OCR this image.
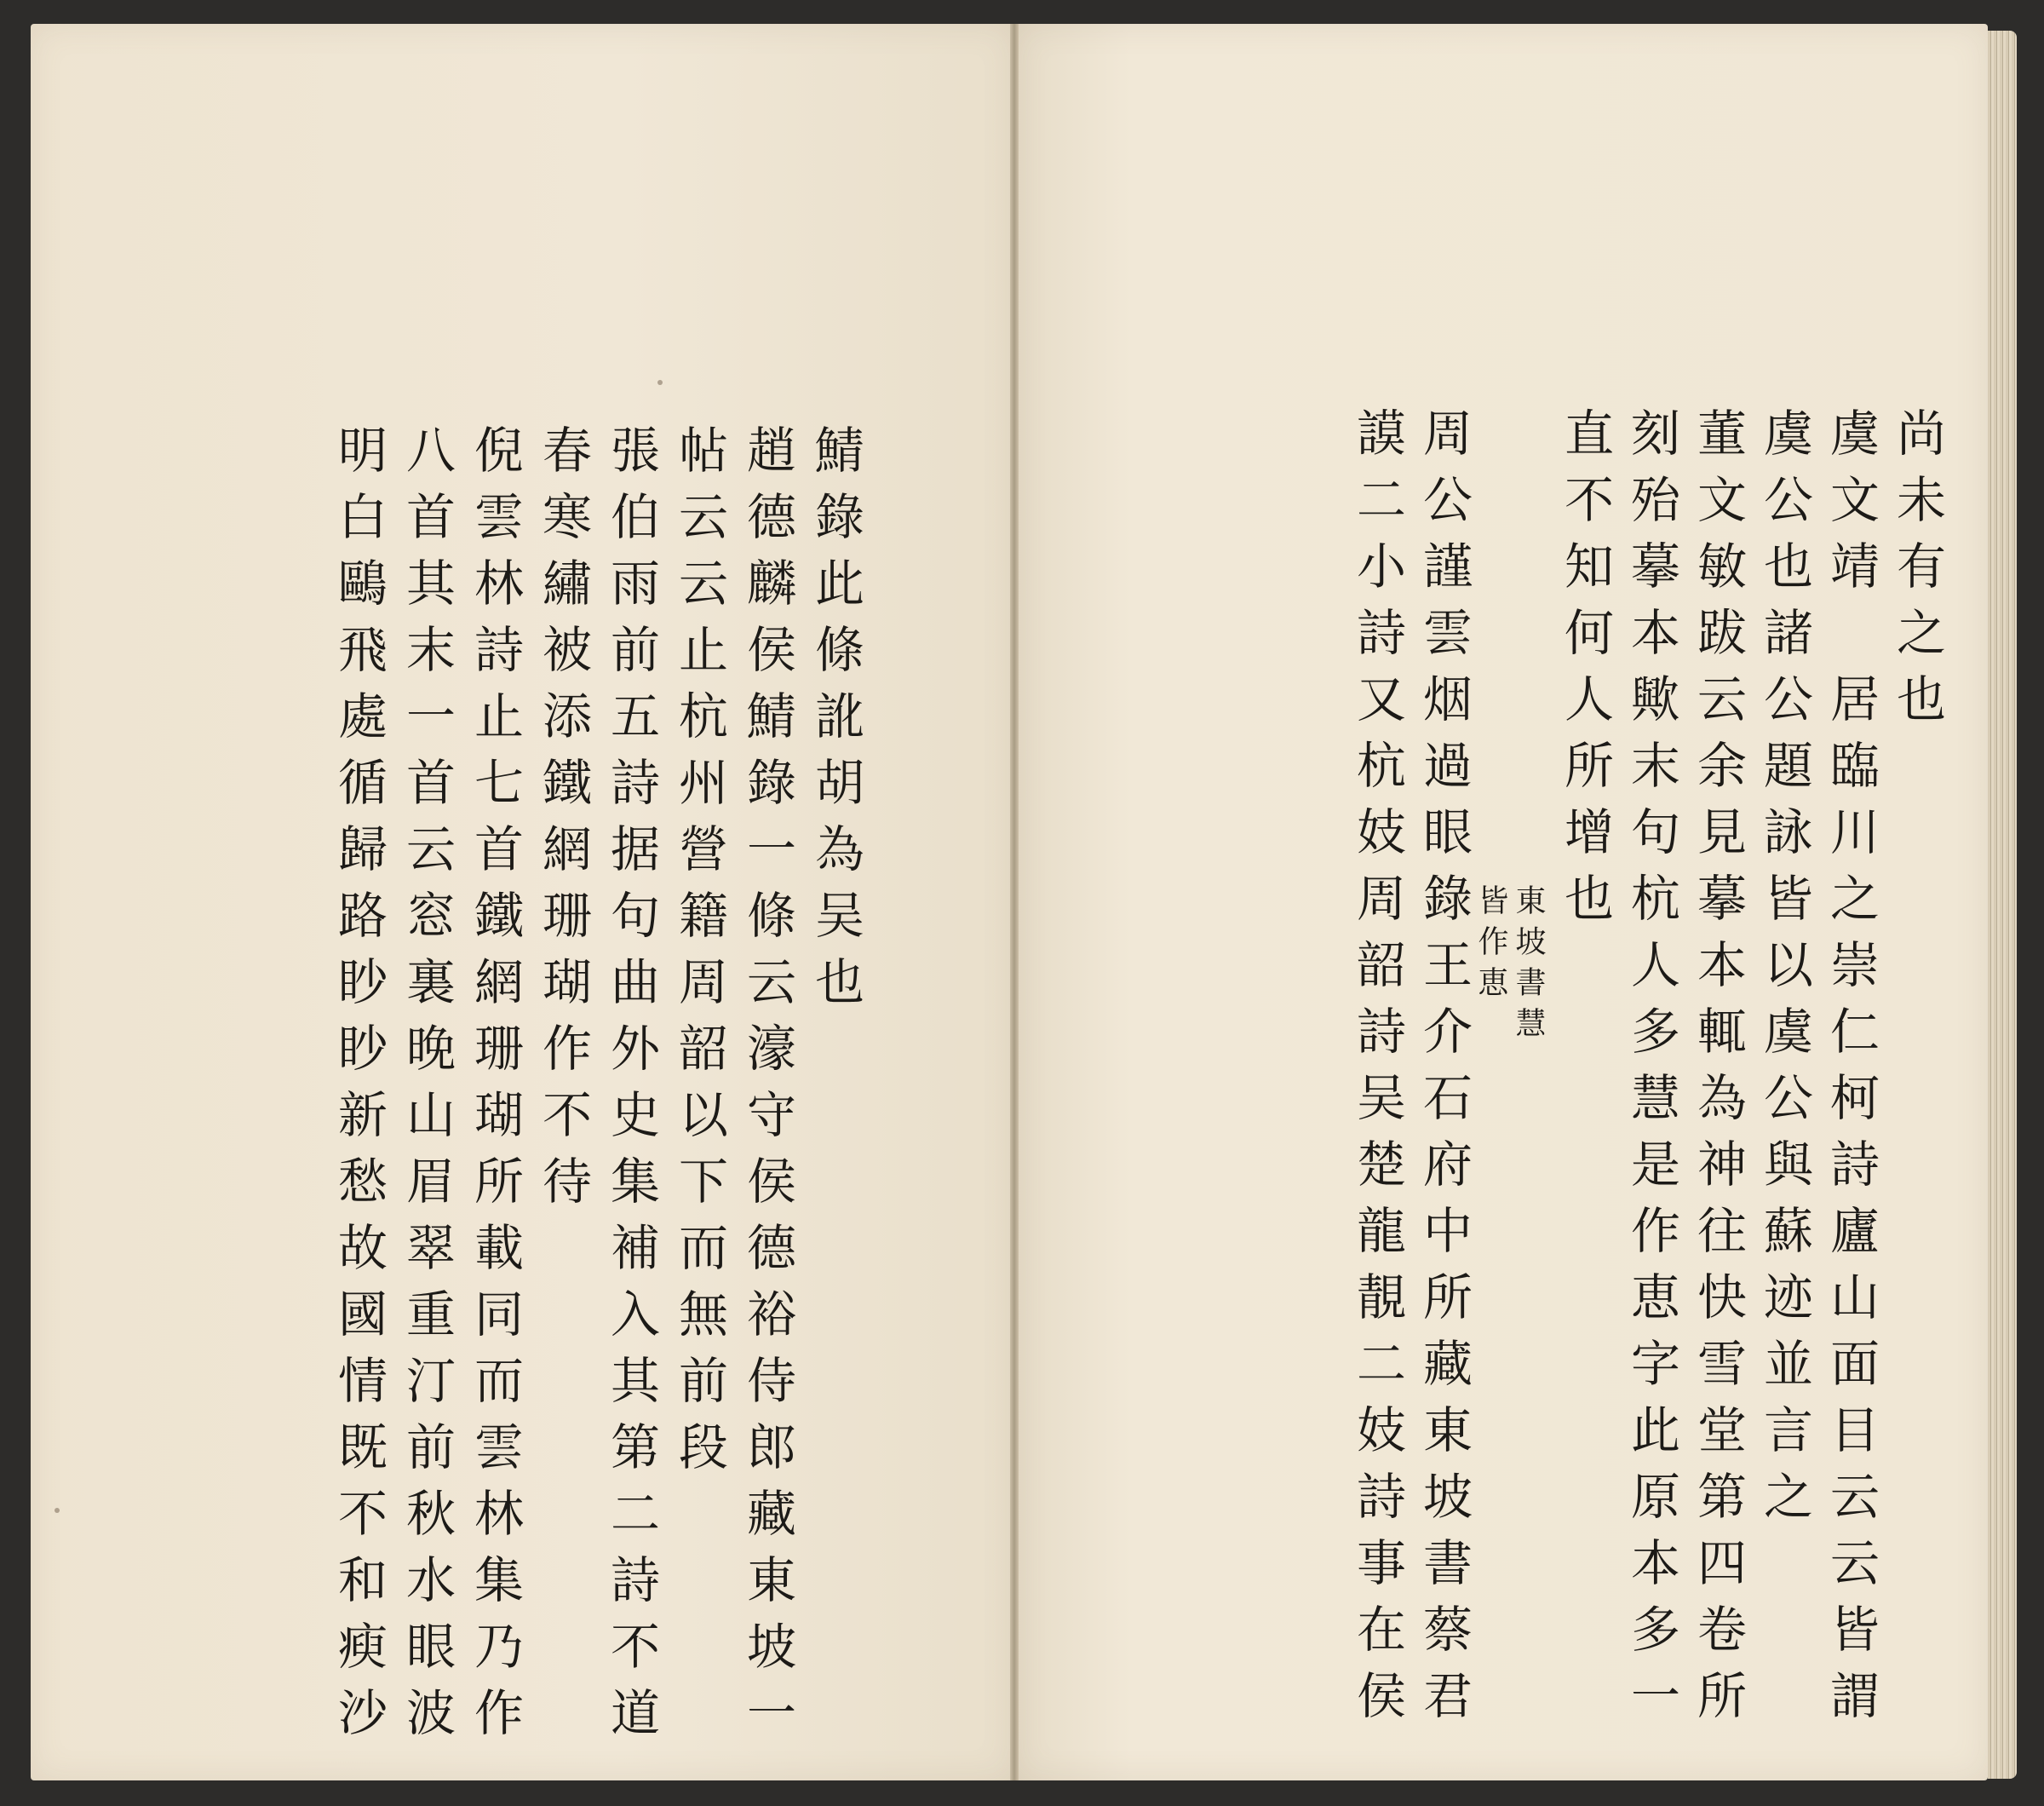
鯖錄此條訛胡為吴也
趙德麟侯鯖錄一條云濠守侯德裕侍郎藏東坡一
帖云云止杭州營籍周韶以下而無前段
張伯雨前五詩据句曲外史集補入其第二詩不道
春寒繡被添鐵網珊瑚作不待
倪雲林詩止七首鐵網珊瑚所載同而雲林集乃作
八首其末一首云窓裏晚山眉翠重汀前秋水眼波
明白鷗飛處循歸路眇眇新愁故國情既不和瘐沙	尚未有之也
虞文靖　居臨川之崇仁柯詩廬山面目云云皆謂
虞公也諸公題詠皆以虞公與蘇迹並言之
董文敏跋云余見摹本輒為神往快雪堂第四卷所
刻殆摹本歟末句杭人多慧是作恵字此原本多一
直不知何人所增也
東坡書慧
皆作恵
周公謹雲烟過眼錄王介石府中所藏東坡書蔡君
謨二小詩又杭妓周韶詩吴楚龍靚二妓詩事在侯
